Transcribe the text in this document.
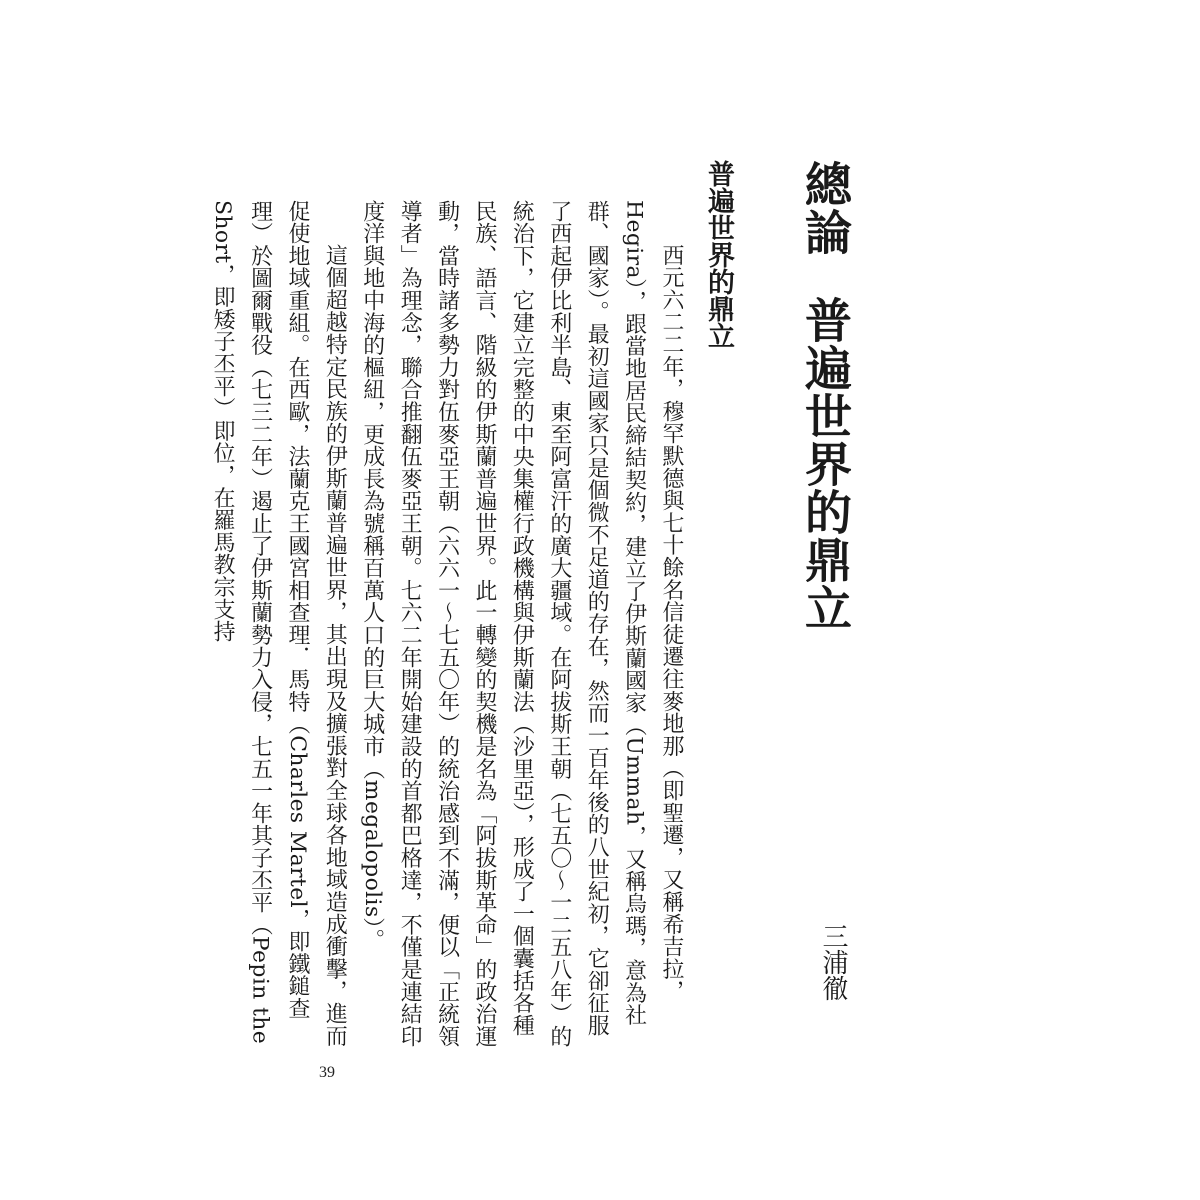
總論普遍世界的鼎立
三浦徹
普遍世界的鼎立

西元六二二年，穆罕默德與七十餘名信徒遷往麥地那（即聖遷，又稱希吉拉，Hegira），跟當地居民締結契約，建立了伊斯蘭國家（Ummah，又稱烏瑪，意為社群、國家）。最初這國家只是個微不足道的存在，然而一百年後的八世紀初，它卻征服了西起伊比利半島、東至阿富汗的廣大疆域。在阿拔斯王朝（七五〇～一二五八年）的統治下，它建立完整的中央集權行政機構與伊斯蘭法（沙里亞），形成了一個囊括各種民族、語言、階級的伊斯蘭普遍世界。此一轉變的契機是名為「阿拔斯革命」的政治運動，當時諸多勢力對伍麥亞王朝（六六一～七五〇年）的統治感到不滿，便以「正統領導者」為理念，聯合推翻伍麥亞王朝。七六二年開始建設的首都巴格達，不僅是連結印度洋與地中海的樞紐，更成長為號稱百萬人口的巨大城市（megalopolis）。

這個超越特定民族的伊斯蘭普遍世界，其出現及擴張對全球各地域造成衝擊，進而促使地域重組。在西歐，法蘭克王國宮相查理．馬特（Charles Martel，即鐵鎚查理）於圖爾戰役（七三二年）遏止了伊斯蘭勢力入侵，七五一年其子丕平（Pepin the Short，即矮子丕平）即位，在羅馬教宗支持

39
